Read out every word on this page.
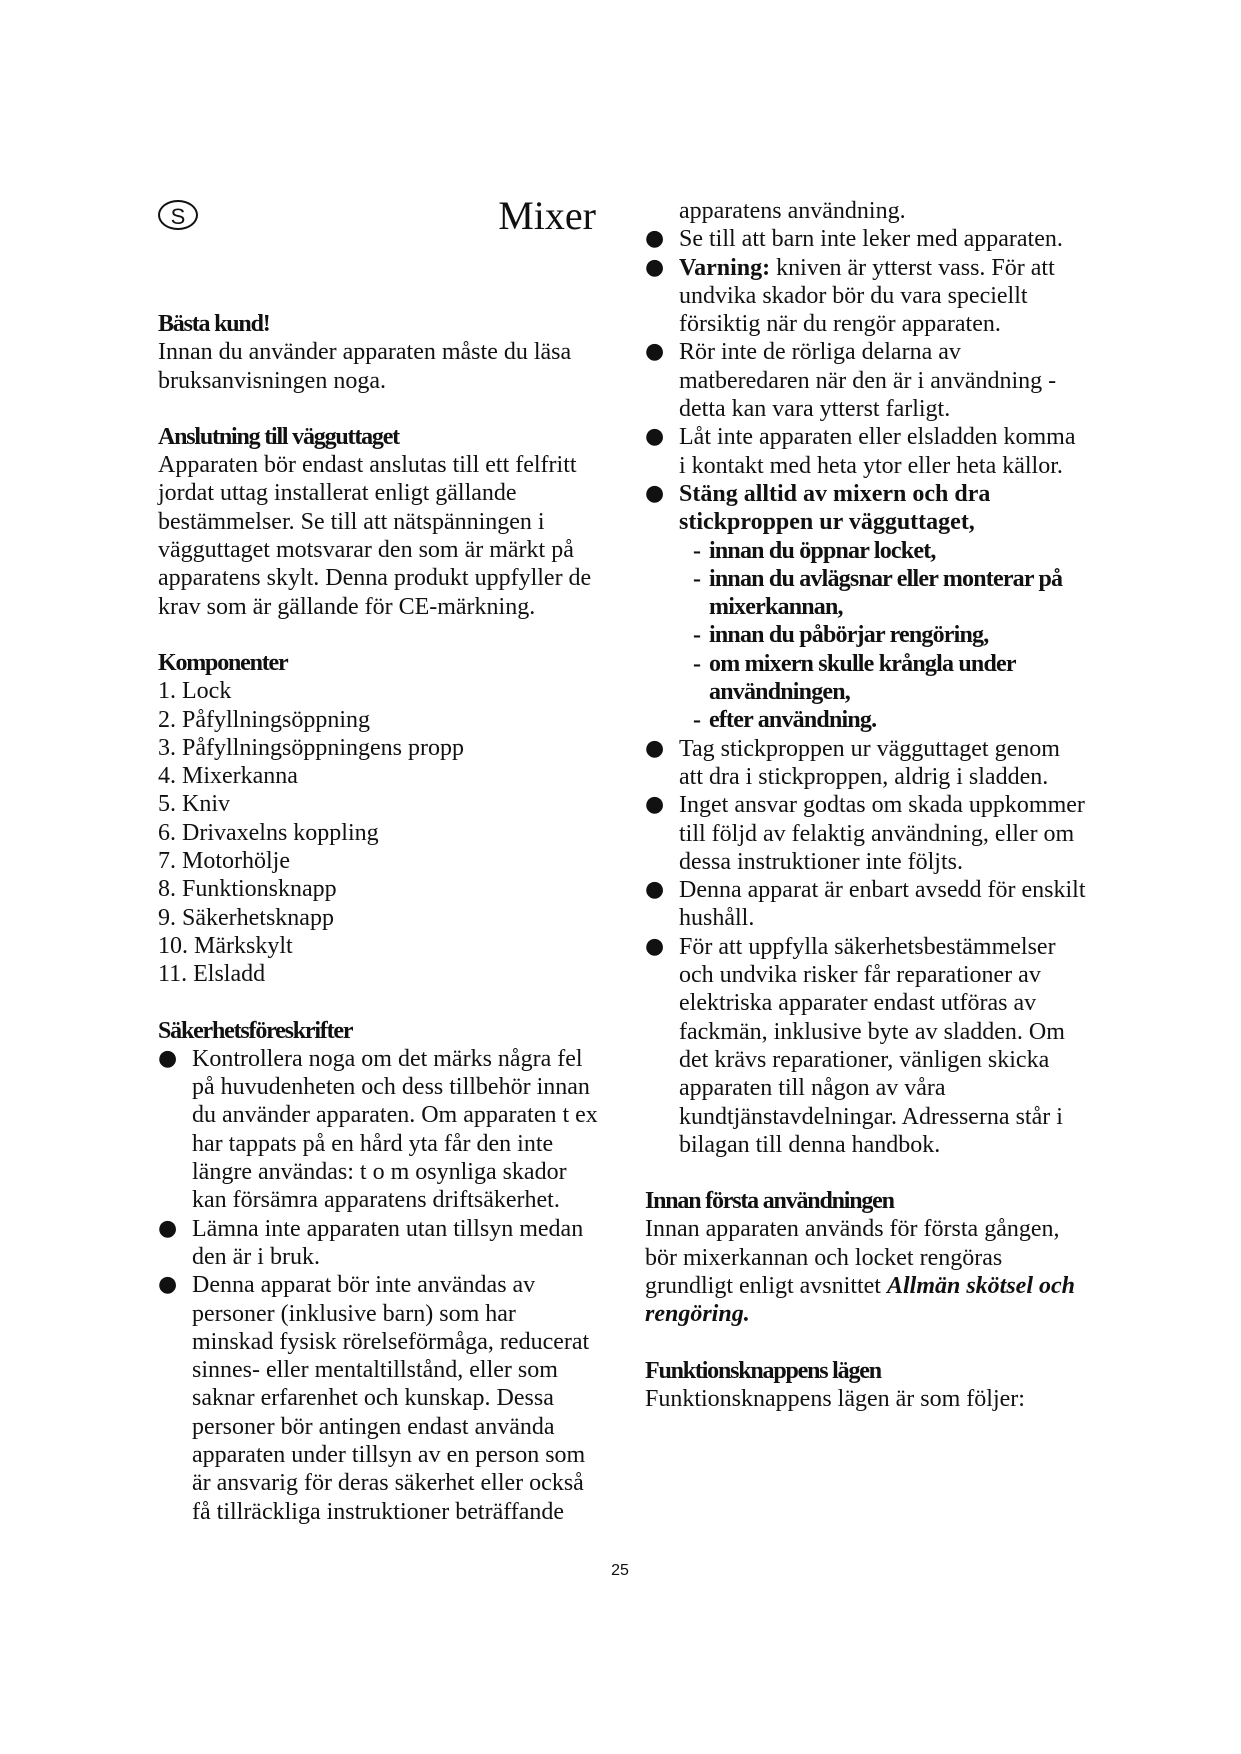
S	Mixer

Bästa kund!

Innan du använder apparaten måste du läsa bruksanvisningen noga.

Anslutning till vägguttaget

Apparaten bör endast anslutas till ett felfritt jordat uttag installerat enligt gällande bestämmelser. Se till att nätspänningen i vägguttaget motsvarar den som är märkt på apparatens skylt. Denna produkt uppfyller de krav som är gällande för CE-märkning.

Komponenter

1. Lock
2. Påfyllningsöppning
3. Påfyllningsöppningens propp
4. Mixerkanna
5. Kniv
6. Drivaxelns koppling
7. Motorhölje
8. Funktionsknapp
9. Säkerhetsknapp
10. Märkskylt
11. Elsladd

Säkerhetsföreskrifter

● Kontrollera noga om det märks några fel på huvudenheten och dess tillbehör innan du använder apparaten. Om apparaten t ex har tappats på en hård yta får den inte längre användas: t o m osynliga skador kan försämra apparatens driftsäkerhet.
● Lämna inte apparaten utan tillsyn medan den är i bruk.
● Denna apparat bör inte användas av personer (inklusive barn) som har minskad fysisk rörelseförmåga, reducerat sinnes- eller mentaltillstånd, eller som saknar erfarenhet och kunskap. Dessa personer bör antingen endast använda apparaten under tillsyn av en person som är ansvarig för deras säkerhet eller också få tillräckliga instruktioner beträffande

apparatens användning.

● Se till att barn inte leker med apparaten.
● Varning: kniven är ytterst vass. För att undvika skador bör du vara speciellt försiktig när du rengör apparaten.
● Rör inte de rörliga delarna av matberedaren när den är i användning - detta kan vara ytterst farligt.
● Låt inte apparaten eller elsladden komma i kontakt med heta ytor eller heta källor.
● Stäng alltid av mixern och dra stickproppen ur vägguttaget,
- innan du öppnar locket,
- innan du avlägsnar eller monterar på mixerkannan,
- innan du påbörjar rengöring,
- om mixern skulle krångla under användningen,
- efter användning.
● Tag stickproppen ur vägguttaget genom att dra i stickproppen, aldrig i sladden.
● Inget ansvar godtas om skada uppkommer till följd av felaktig användning, eller om dessa instruktioner inte följts.
● Denna apparat är enbart avsedd för enskilt hushåll.
● För att uppfylla säkerhetsbestämmelser och undvika risker får reparationer av elektriska apparater endast utföras av fackmän, inklusive byte av sladden. Om det krävs reparationer, vänligen skicka apparaten till någon av våra kundtjänstavdelningar. Adresserna står i bilagan till denna handbok.

Innan första användningen

Innan apparaten används för första gången, bör mixerkannan och locket rengöras grundligt enligt avsnittet Allmän skötsel och rengöring.

Funktionsknappens lägen

Funktionsknappens lägen är som följer:

25
